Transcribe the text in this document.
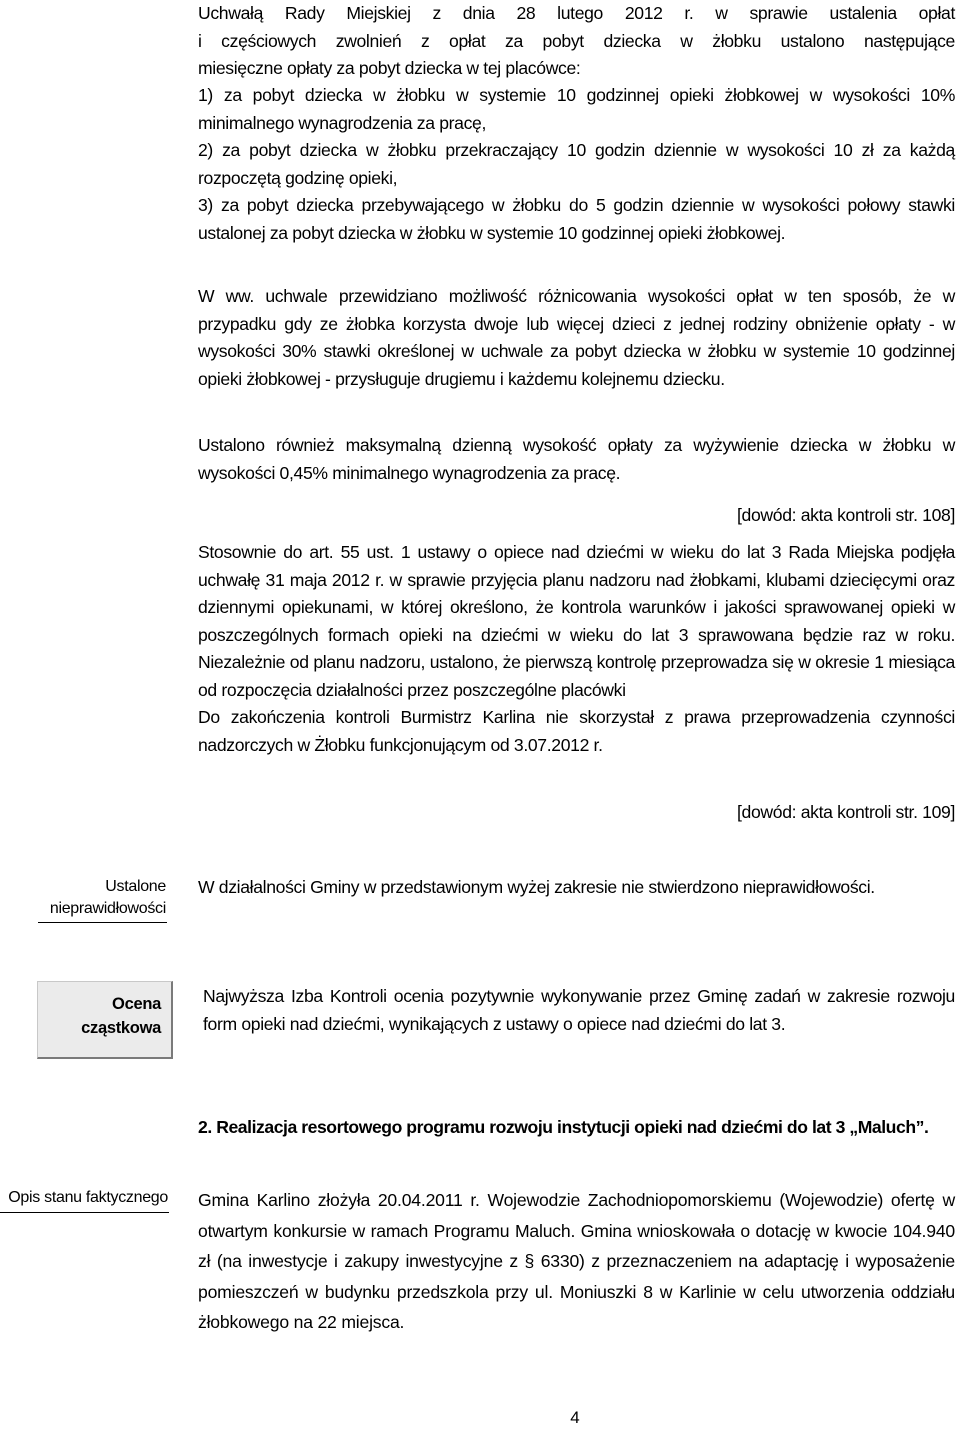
Uchwałą Rady Miejskiej z dnia 28 lutego 2012 r. w sprawie ustalenia opłat

i częściowych zwolnień z opłat za pobyt dziecka w żłobku ustalono następujące

miesięczne opłaty za pobyt dziecka w tej placówce:

1) za pobyt dziecka w żłobku w systemie 10 godzinnej opieki żłobkowej w wysokości 10% minimalnego wynagrodzenia za pracę,

2) za pobyt dziecka w żłobku przekraczający 10 godzin dziennie w wysokości 10 zł za każdą rozpoczętą godzinę opieki,

3) za pobyt dziecka przebywającego w żłobku do 5 godzin dziennie w wysokości połowy stawki ustalonej za pobyt dziecka w żłobku w systemie 10 godzinnej opieki żłobkowej.

W ww. uchwale przewidziano możliwość różnicowania wysokości opłat w ten sposób, że w przypadku gdy ze żłobka korzysta dwoje lub więcej dzieci z jednej rodziny obniżenie opłaty - w wysokości 30% stawki określonej w uchwale za pobyt dziecka w żłobku w systemie 10 godzinnej opieki żłobkowej - przysługuje drugiemu i każdemu kolejnemu dziecku.

Ustalono również maksymalną dzienną wysokość opłaty za wyżywienie dziecka w żłobku w wysokości 0,45% minimalnego wynagrodzenia za pracę.

[dowód: akta kontroli str. 108]

Stosownie do art. 55 ust. 1 ustawy o opiece nad dziećmi w wieku do lat 3 Rada Miejska podjęła uchwałę 31 maja 2012 r. w sprawie przyjęcia planu nadzoru nad żłobkami, klubami dziecięcymi oraz dziennymi opiekunami, w której określono, że kontrola warunków i jakości sprawowanej opieki w poszczególnych formach opieki na dziećmi w wieku do lat 3 sprawowana będzie raz w roku. Niezależnie od planu nadzoru, ustalono, że pierwszą kontrolę przeprowadza się w okresie 1 miesiąca od rozpoczęcia działalności przez poszczególne placówki

Do zakończenia kontroli Burmistrz Karlina nie skorzystał z prawa przeprowadzenia czynności nadzorczych w Żłobku funkcjonującym od 3.07.2012 r.

[dowód: akta kontroli str. 109]

Ustalone
nieprawidłowości

W działalności Gminy w przedstawionym wyżej zakresie nie stwierdzono nieprawidłowości.

Ocena
cząstkowa

Najwyższa Izba Kontroli ocenia pozytywnie wykonywanie przez Gminę zadań w zakresie rozwoju form opieki nad dziećmi, wynikających z ustawy o opiece nad dziećmi do lat 3.

2. Realizacja resortowego programu rozwoju instytucji opieki nad dziećmi do lat 3 „Maluch”.

Opis stanu faktycznego Gmina Karlino złożyła 20.04.2011 r. Wojewodzie Zachodniopomorskiemu (Wojewodzie) ofertę w otwartym konkursie w ramach Programu Maluch. Gmina wnioskowała o dotację w kwocie 104.940 zł (na inwestycje i zakupy inwestycyjne z § 6330) z przeznaczeniem na adaptację i wyposażenie pomieszczeń w budynku przedszkola przy ul. Moniuszki 8 w Karlinie w celu utworzenia oddziału żłobkowego na 22 miejsca.

4
